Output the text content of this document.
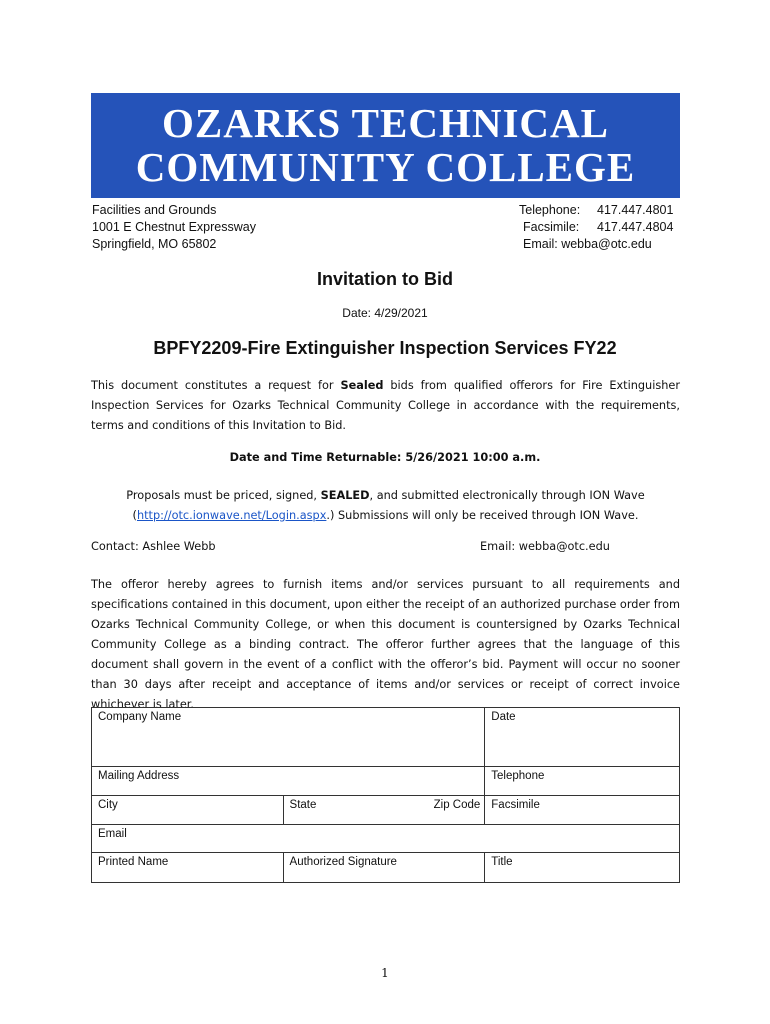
OZARKS TECHNICAL
COMMUNITY COLLEGE
Facilities and Grounds
1001 E Chestnut Expressway
Springfield, MO 65802
Telephone: 417.447.4801
Facsimile: 417.447.4804
Email: webba@otc.edu
Invitation to Bid
Date: 4/29/2021
BPFY2209-Fire Extinguisher Inspection Services FY22
This document constitutes a request for Sealed bids from qualified offerors for Fire Extinguisher Inspection Services for Ozarks Technical Community College in accordance with the requirements, terms and conditions of this Invitation to Bid.
Date and Time Returnable: 5/26/2021 10:00 a.m.
Proposals must be priced, signed, SEALED, and submitted electronically through ION Wave
(http://otc.ionwave.net/Login.aspx.) Submissions will only be received through ION Wave.
Contact: Ashlee Webb	Email: webba@otc.edu
The offeror hereby agrees to furnish items and/or services pursuant to all requirements and specifications contained in this document, upon either the receipt of an authorized purchase order from Ozarks Technical Community College, or when this document is countersigned by Ozarks Technical Community College as a binding contract. The offeror further agrees that the language of this document shall govern in the event of a conflict with the offeror’s bid. Payment will occur no sooner than 30 days after receipt and acceptance of items and/or services or receipt of correct invoice whichever is later.
Company Name			Date
Mailing Address			Telephone
City	State	Zip Code	Facsimile
Email			
Printed Name	Authorized Signature		Title
1
